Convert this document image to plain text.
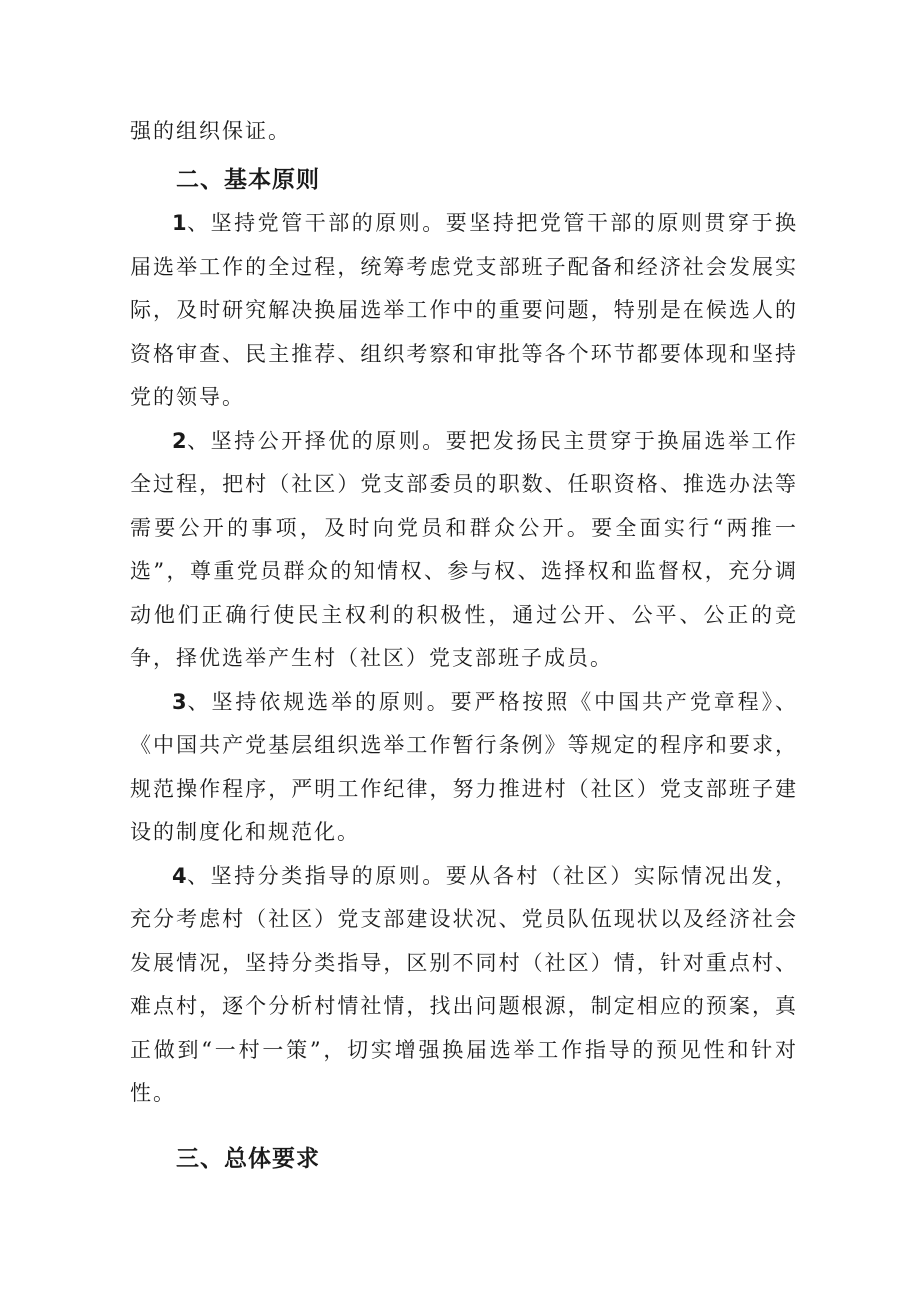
强的组织保证。

二、基本原则

1、坚持党管干部的原则。要坚持把党管干部的原则贯穿于换届选举工作的全过程，统筹考虑党支部班子配备和经济社会发展实际，及时研究解决换届选举工作中的重要问题，特别是在候选人的资格审查、民主推荐、组织考察和审批等各个环节都要体现和坚持党的领导。

2、坚持公开择优的原则。要把发扬民主贯穿于换届选举工作全过程，把村（社区）党支部委员的职数、任职资格、推选办法等需要公开的事项，及时向党员和群众公开。要全面实行“两推一选”，尊重党员群众的知情权、参与权、选择权和监督权，充分调动他们正确行使民主权利的积极性，通过公开、公平、公正的竞争，择优选举产生村（社区）党支部班子成员。

3、坚持依规选举的原则。要严格按照《中国共产党章程》、《中国共产党基层组织选举工作暂行条例》等规定的程序和要求，规范操作程序，严明工作纪律，努力推进村（社区）党支部班子建设的制度化和规范化。

4、坚持分类指导的原则。要从各村（社区）实际情况出发，充分考虑村（社区）党支部建设状况、党员队伍现状以及经济社会发展情况，坚持分类指导，区别不同村（社区）情，针对重点村、难点村，逐个分析村情社情，找出问题根源，制定相应的预案，真正做到“一村一策”，切实增强换届选举工作指导的预见性和针对性。

三、总体要求
